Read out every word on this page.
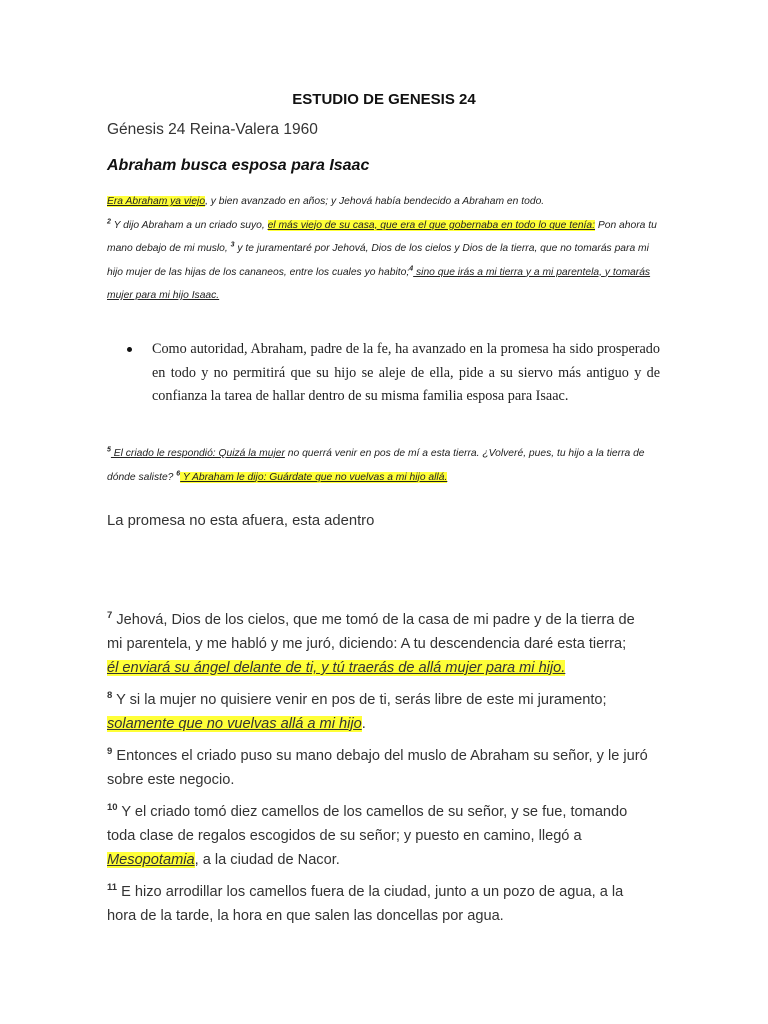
ESTUDIO DE GENESIS 24
Génesis 24 Reina-Valera 1960
Abraham busca esposa para Isaac
Era Abraham ya viejo, y bien avanzado en años; y Jehová había bendecido a Abraham en todo.
$^2$ Y dijo Abraham a un criado suyo, el más viejo de su casa, que era el que gobernaba en todo lo que tenía: Pon ahora tu mano debajo de mi muslo, $^3$ y te juramentaré por Jehová, Dios de los cielos y Dios de la tierra, que no tomarás para mi hijo mujer de las hijas de los cananeos, entre los cuales yo habito;$^4$ sino que irás a mi tierra y a mi parentela, y tomarás mujer para mi hijo Isaac.
Como autoridad, Abraham, padre de la fe, ha avanzado en la promesa ha sido prosperado en todo y no permitirá que su hijo se aleje de ella, pide a su siervo más antiguo y de confianza la tarea de hallar dentro de su misma familia esposa para Isaac.
$^5$ El criado le respondió: Quizá la mujer no querrá venir en pos de mí a esta tierra. ¿Volveré, pues, tu hijo a la tierra de dónde saliste? $^6$ Y Abraham le dijo: Guárdate que no vuelvas a mi hijo allá.
La promesa no esta afuera, esta adentro
$^7$ Jehová, Dios de los cielos, que me tomó de la casa de mi padre y de la tierra de mi parentela, y me habló y me juró, diciendo: A tu descendencia daré esta tierra;
él enviará su ángel delante de ti, y tú traerás de allá mujer para mi hijo.
$^8$ Y si la mujer no quisiere venir en pos de ti, serás libre de este mi juramento;
solamente que no vuelvas allá a mi hijo.
$^9$ Entonces el criado puso su mano debajo del muslo de Abraham su señor, y le juró sobre este negocio.
$^{10}$ Y el criado tomó diez camellos de los camellos de su señor, y se fue, tomando toda clase de regalos escogidos de su señor; y puesto en camino, llegó a Mesopotamia, a la ciudad de Nacor.
$^{11}$ E hizo arrodillar los camellos fuera de la ciudad, junto a un pozo de agua, a la hora de la tarde, la hora en que salen las doncellas por agua.
